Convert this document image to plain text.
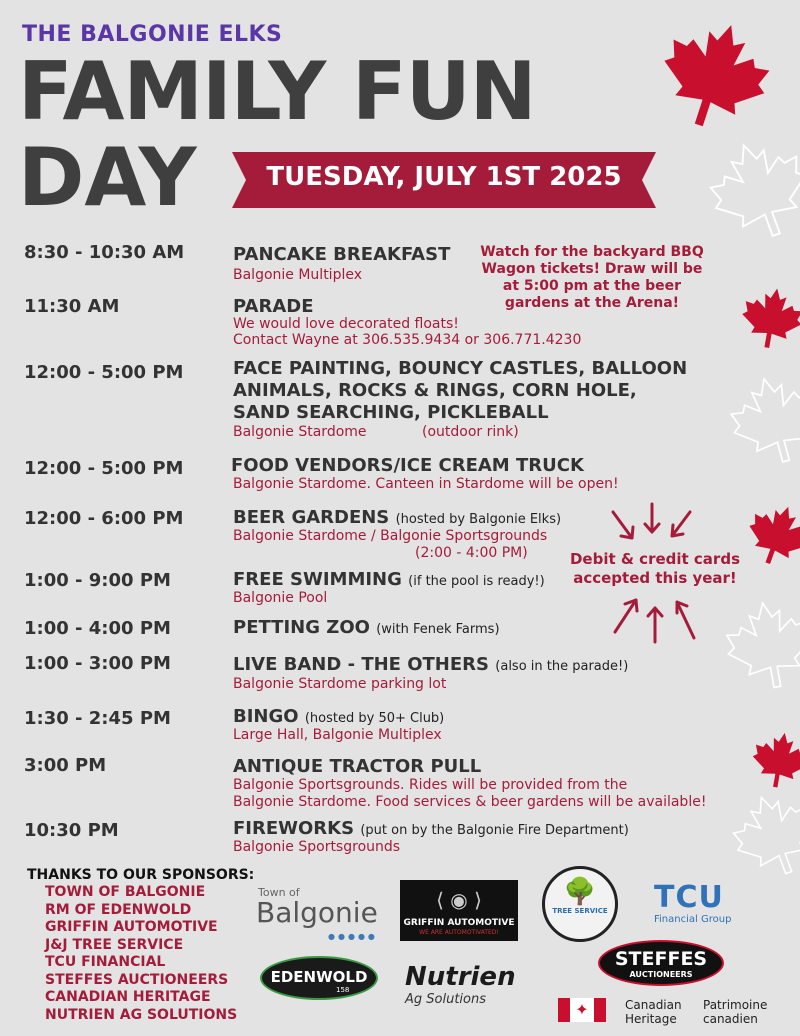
THE BALGONIE ELKS
FAMILY FUN
DAY	TUESDAY, JULY 1ST 2025
8:30 - 10:30 AM	PANCAKE BREAKFAST
Balgonie Multiplex
11:30 AM	PARADE
We would love decorated floats!
Contact Wayne at 306.535.9434 or 306.771.4230
12:00 - 5:00 PM	FACE PAINTING, BOUNCY CASTLES, BALLOON
ANIMALS, ROCKS & RINGS, CORN HOLE,
SAND SEARCHING, PICKLEBALL
Balgonie Stardome	(outdoor rink)
12:00 - 5:00 PM	FOOD VENDORS/ICE CREAM TRUCK
Balgonie Stardome. Canteen in Stardome will be open!
12:00 - 6:00 PM	BEER GARDENS (hosted by Balgonie Elks)
Balgonie Stardome / Balgonie Sportsgrounds
(2:00 - 4:00 PM)
1:00 - 9:00 PM	FREE SWIMMING (if the pool is ready!)
Balgonie Pool
1:00 - 4:00 PM	PETTING ZOO (with Fenek Farms)
1:00 - 3:00 PM	LIVE BAND - THE OTHERS (also in the parade!)
Balgonie Stardome parking lot
1:30 - 2:45 PM	BINGO (hosted by 50+ Club)
Large Hall, Balgonie Multiplex
3:00 PM	ANTIQUE TRACTOR PULL
Balgonie Sportsgrounds. Rides will be provided from the
Balgonie Stardome. Food services & beer gardens will be available!
10:30 PM	FIREWORKS (put on by the Balgonie Fire Department)
Balgonie Sportsgrounds
Watch for the backyard BBQ Wagon tickets! Draw will be at 5:00 pm at the beer gardens at the Arena!
Debit & credit cards
accepted this year!
THANKS TO OUR SPONSORS:
TOWN OF BALGONIE
RM OF EDENWOLD
GRIFFIN AUTOMOTIVE
J&J TREE SERVICE
TCU FINANCIAL
STEFFES AUCTIONEERS
CANADIAN HERITAGE
NUTRIEN AG SOLUTIONS
Town of
Balgonie
●●●●●
⟨ ◉ ⟩
GRIFFIN AUTOMOTIVE
WE ARE AUTOMOTIVATED!
🌳
TREE SERVICE TCU
Financial Group
EDENWOLD
158 Nutrien
Ag Solutions
STEFFES
AUCTIONEERS
✦	Canadian
Heritage
Patrimoine
canadien
